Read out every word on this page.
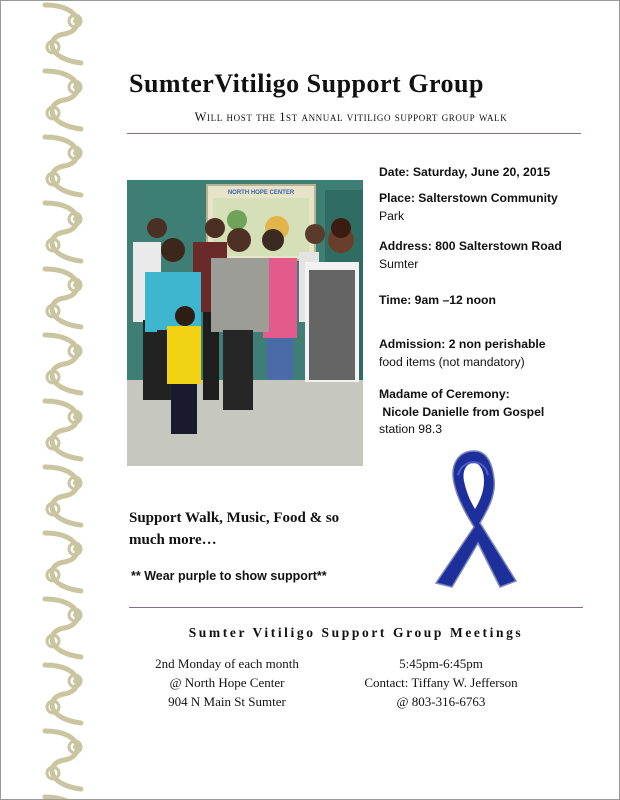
SumterVitiligo Support Group
Will host the 1st annual vitiligo support group walk
NORTH HOPE CENTER
Date: Saturday, June 20, 2015
Place: Salterstown Community
Park
Address: 800 Salterstown Road
Sumter
Time: 9am –12 noon
Admission: 2 non perishable
food items (not mandatory)
Madame of Ceremony:
Nicole Danielle from Gospel
station 98.3
Support Walk, Music, Food & so
much more…
** Wear purple to show support**
Sumter Vitiligo Support Group Meetings
2nd Monday of each month
@ North Hope Center
904 N Main St Sumter
5:45pm-6:45pm
Contact: Tiffany W. Jefferson
@ 803-316-6763
